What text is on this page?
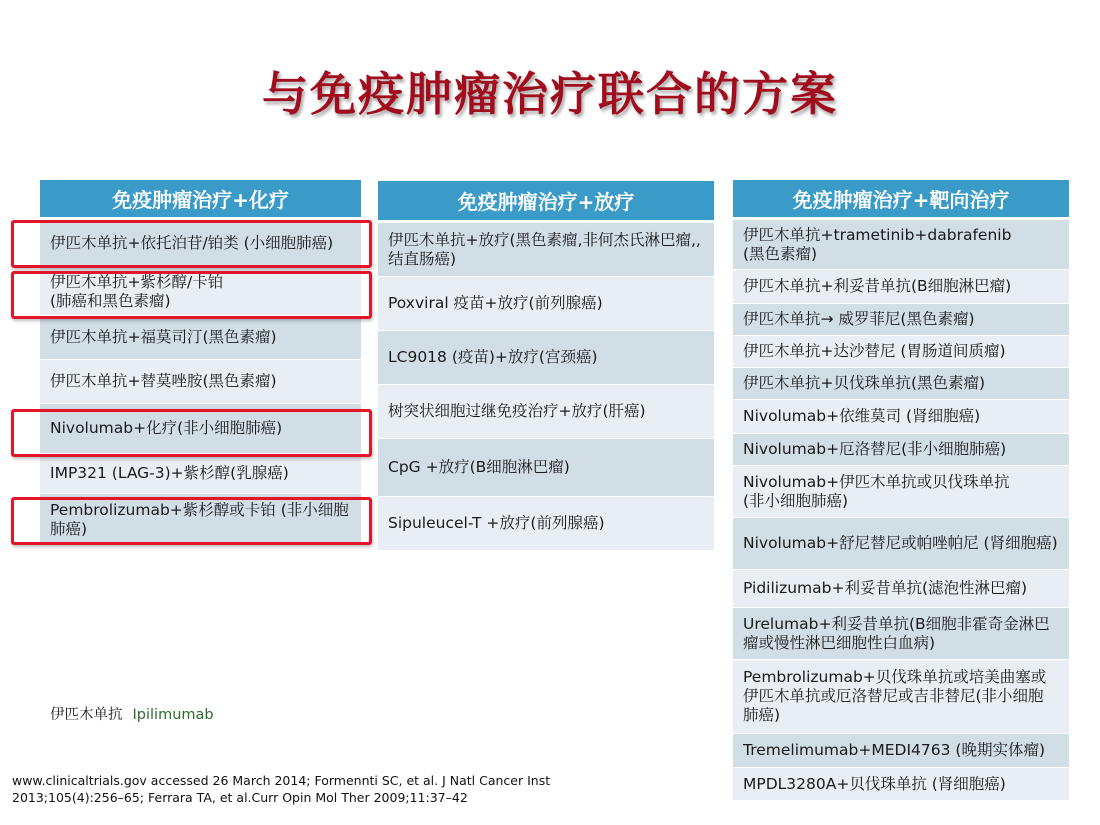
与免疫肿瘤治疗联合的方案
免疫肿瘤治疗+化疗
伊匹木单抗+依托泊苷/铂类 (小细胞肺癌)
伊匹木单抗+紫杉醇/卡铂
(肺癌和黑色素瘤)
伊匹木单抗+福莫司汀(黑色素瘤)
伊匹木单抗+替莫唑胺(黑色素瘤)
Nivolumab+化疗(非小细胞肺癌)
IMP321 (LAG-3)+紫杉醇(乳腺癌)
Pembrolizumab+紫杉醇或卡铂 (非小细胞肺癌)
免疫肿瘤治疗+放疗
伊匹木单抗+放疗(黑色素瘤,非何杰氏淋巴瘤,, 结直肠癌)
Poxviral 疫苗+放疗(前列腺癌)
LC9018 (疫苗)+放疗(宫颈癌)
树突状细胞过继免疫治疗+放疗(肝癌)
CpG +放疗(B细胞淋巴瘤)
Sipuleucel-T +放疗(前列腺癌)
免疫肿瘤治疗+靶向治疗
伊匹木单抗+trametinib+dabrafenib
(黑色素瘤)
伊匹木单抗+利妥昔单抗(B细胞淋巴瘤)
伊匹木单抗→ 威罗菲尼(黑色素瘤)
伊匹木单抗+达沙替尼 (胃肠道间质瘤)
伊匹木单抗+贝伐珠单抗(黑色素瘤)
Nivolumab+依维莫司 (肾细胞癌)
Nivolumab+厄洛替尼(非小细胞肺癌)
Nivolumab+伊匹木单抗或贝伐珠单抗
(非小细胞肺癌)
Nivolumab+舒尼替尼或帕唑帕尼 (肾细胞癌)
Pidilizumab+利妥昔单抗(滤泡性淋巴瘤)
Urelumab+利妥昔单抗(B细胞非霍奇金淋巴瘤或慢性淋巴细胞性白血病)
Pembrolizumab+贝伐珠单抗或培美曲塞或伊匹木单抗或厄洛替尼或吉非替尼(非小细胞肺癌)
Tremelimumab+MEDI4763 (晚期实体瘤)
MPDL3280A+贝伐珠单抗 (肾细胞癌)
伊匹木单抗 Ipilimumab
www.clinicaltrials.gov accessed 26 March 2014; Formennti SC, et al. J Natl Cancer Inst 2013;105(4):256–65; Ferrara TA, et al.Curr Opin Mol Ther 2009;11:37–42
